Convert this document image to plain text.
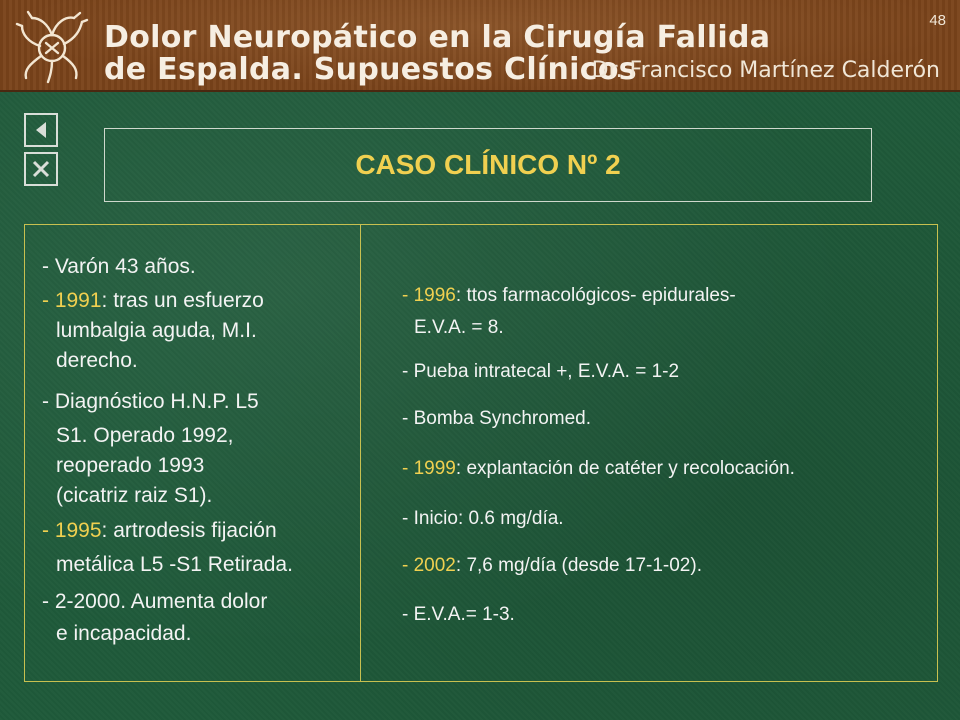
Dolor Neuropático en la Cirugía Fallida
de Espalda. Supuestos Clínicos
Dr. Francisco Martínez Calderón
48
CASO CLÍNICO Nº 2
- Varón 43 años.
- 1991: tras un esfuerzo
lumbalgia aguda, M.I.
derecho.
- Diagnóstico H.N.P. L5
S1. Operado 1992,
reoperado 1993
(cicatriz raiz S1).
- 1995: artrodesis fijación
metálica L5 -S1 Retirada.
- 2-2000. Aumenta dolor
e incapacidad.
- 1996: ttos farmacológicos- epidurales-
E.V.A. = 8.
- Pueba intratecal +, E.V.A. = 1-2
- Bomba Synchromed.
- 1999: explantación de catéter y recolocación.
- Inicio: 0.6 mg/día.
- 2002: 7,6 mg/día (desde 17-1-02).
- E.V.A.= 1-3.
